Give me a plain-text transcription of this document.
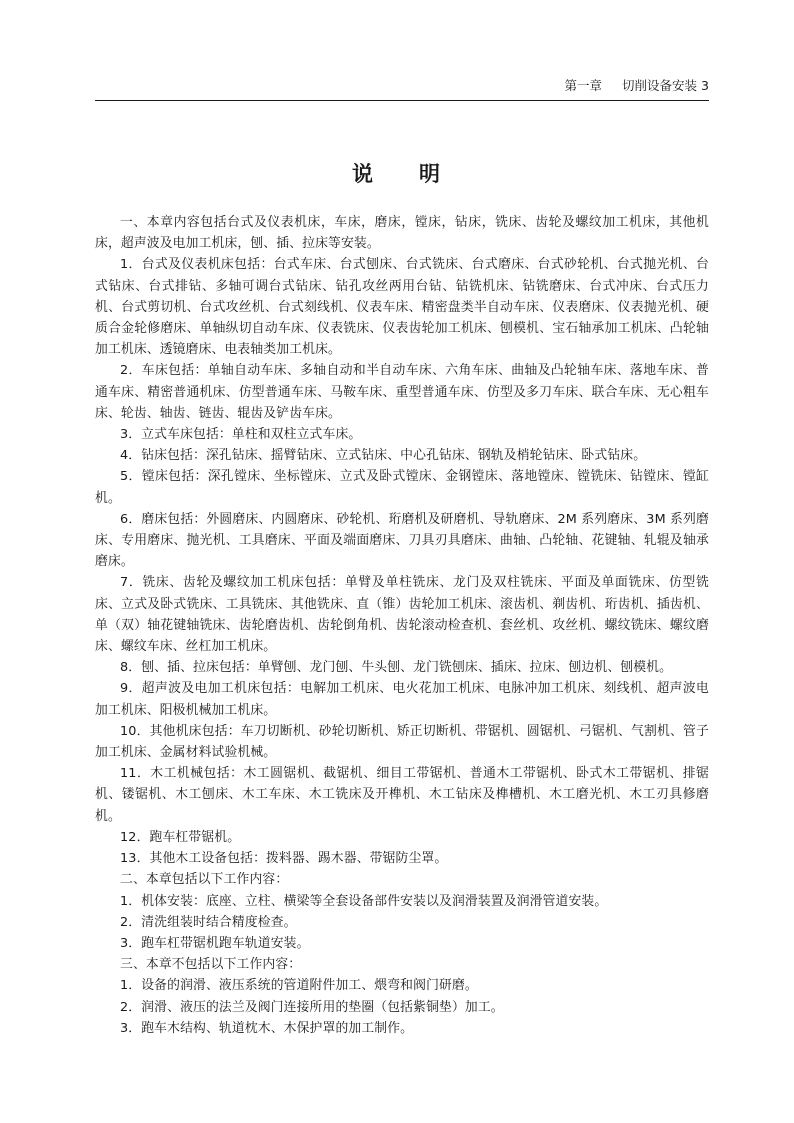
第一章 切削设备安装 3
说 明

一、本章内容包括台式及仪表机床，车床，磨床，镗床，钻床，铣床、齿轮及螺纹加工机床，其他机床，超声波及电加工机床，刨、插、拉床等安装。

1．台式及仪表机床包括：台式车床、台式刨床、台式铣床、台式磨床、台式砂轮机、台式抛光机、台式钻床、台式排钻、多轴可调台式钻床、钻孔攻丝两用台钻、钻铣机床、钻铣磨床、台式冲床、台式压力机、台式剪切机、台式攻丝机、台式刻线机、仪表车床、精密盘类半自动车床、仪表磨床、仪表抛光机、硬质合金轮修磨床、单轴纵切自动车床、仪表铣床、仪表齿轮加工机床、刨模机、宝石轴承加工机床、凸轮轴加工机床、透镜磨床、电表轴类加工机床。

2．车床包括：单轴自动车床、多轴自动和半自动车床、六角车床、曲轴及凸轮轴车床、落地车床、普通车床、精密普通机床、仿型普通车床、马鞍车床、重型普通车床、仿型及多刀车床、联合车床、无心粗车床、轮齿、轴齿、链齿、辊齿及铲齿车床。

3．立式车床包括：单柱和双柱立式车床。

4．钻床包括：深孔钻床、摇臂钻床、立式钻床、中心孔钻床、钢轨及梢轮钻床、卧式钻床。

5．镗床包括：深孔镗床、坐标镗床、立式及卧式镗床、金钢镗床、落地镗床、镗铣床、钻镗床、镗缸机。

6．磨床包括：外圆磨床、内圆磨床、砂轮机、珩磨机及研磨机、导轨磨床、2M 系列磨床、3M 系列磨床、专用磨床、抛光机、工具磨床、平面及端面磨床、刀具刃具磨床、曲轴、凸轮轴、花键轴、轧辊及轴承磨床。

7．铣床、齿轮及螺纹加工机床包括：单臂及单柱铣床、龙门及双柱铣床、平面及单面铣床、仿型铣床、立式及卧式铣床、工具铣床、其他铣床、直（锥）齿轮加工机床、滚齿机、剃齿机、珩齿机、插齿机、单（双）轴花键轴铣床、齿轮磨齿机、齿轮倒角机、齿轮滚动检查机、套丝机、攻丝机、螺纹铣床、螺纹磨床、螺纹车床、丝杠加工机床。

8．刨、插、拉床包括：单臂刨、龙门刨、牛头刨、龙门铣刨床、插床、拉床、刨边机、刨模机。

9．超声波及电加工机床包括：电解加工机床、电火花加工机床、电脉冲加工机床、刻线机、超声波电加工机床、阳极机械加工机床。

10．其他机床包括：车刀切断机、砂轮切断机、矫正切断机、带锯机、圆锯机、弓锯机、气割机、管子加工机床、金属材料试验机械。

11．木工机械包括：木工圆锯机、截锯机、细目工带锯机、普通木工带锯机、卧式木工带锯机、排锯机、镂锯机、木工刨床、木工车床、木工铣床及开榫机、木工钻床及榫槽机、木工磨光机、木工刃具修磨机。

12．跑车杠带锯机。

13．其他木工设备包括：拨料器、踢木器、带锯防尘罩。

二、本章包括以下工作内容：

1．机体安装：底座、立柱、横梁等全套设备部件安装以及润滑装置及润滑管道安装。

2．清洗组装时结合精度检查。

3．跑车杠带锯机跑车轨道安装。

三、本章不包括以下工作内容：

1．设备的润滑、液压系统的管道附件加工、煨弯和阀门研磨。

2．润滑、液压的法兰及阀门连接所用的垫圈（包括紫铜垫）加工。

3．跑车木结构、轨道枕木、木保护罩的加工制作。
